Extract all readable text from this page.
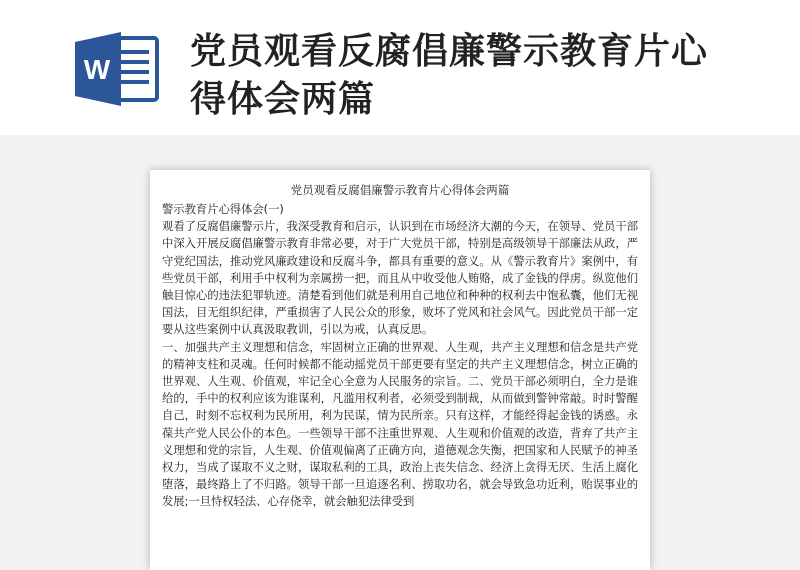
W 党员观看反腐倡廉警示教育片心
得体会两篇
党员观看反腐倡廉警示教育片心得体会两篇

警示教育片心得体会(一)

观看了反腐倡廉警示片，我深受教育和启示，认识到在市场经济大潮的今天，在领导、党员干部中深入开展反腐倡廉警示教育非常必要，对于广大党员干部，特别是高级领导干部廉法从政，严守党纪国法，推动党风廉政建设和反腐斗争，都具有重要的意义。从《警示教育片》案例中，有些党员干部，利用手中权利为亲属捞一把，而且从中收受他人贿赂，成了金钱的俘虏。纵览他们触目惊心的违法犯罪轨迹。清楚看到他们就是利用自己地位和种种的权利去中饱私囊，他们无视国法，目无组织纪律，严重损害了人民公众的形象，败坏了党风和社会风气。因此党员干部一定要从这些案例中认真汲取教训，引以为戒，认真反思。

一、加强共产主义理想和信念，牢固树立正确的世界观、人生观，共产主义理想和信念是共产党的精神支柱和灵魂。任何时候都不能动摇党员干部更要有坚定的共产主义理想信念，树立正确的世界观、人生观、价值观，牢记全心全意为人民服务的宗旨。二、党员干部必须明白，全力是谁给的，手中的权利应该为谁谋利，凡滥用权利者，必须受到制裁，从而做到警钟常敲。时时警醒自己，时刻不忘权利为民所用，利为民谋，情为民所亲。只有这样，才能经得起金钱的诱惑。永葆共产党人民公仆的本色。一些领导干部不注重世界观、人生观和价值观的改造，背弃了共产主义理想和党的宗旨，人生观、价值观偏离了正确方向，道德观念失衡，把国家和人民赋予的神圣权力，当成了谋取不义之财，谋取私利的工具，政治上丧失信念、经济上贪得无厌、生活上腐化堕落，最终路上了不归路。领导干部一旦追逐名利、捞取功名，就会导致急功近利，贻误事业的发展;一旦恃权轻法、心存侥幸，就会触犯法律受到
